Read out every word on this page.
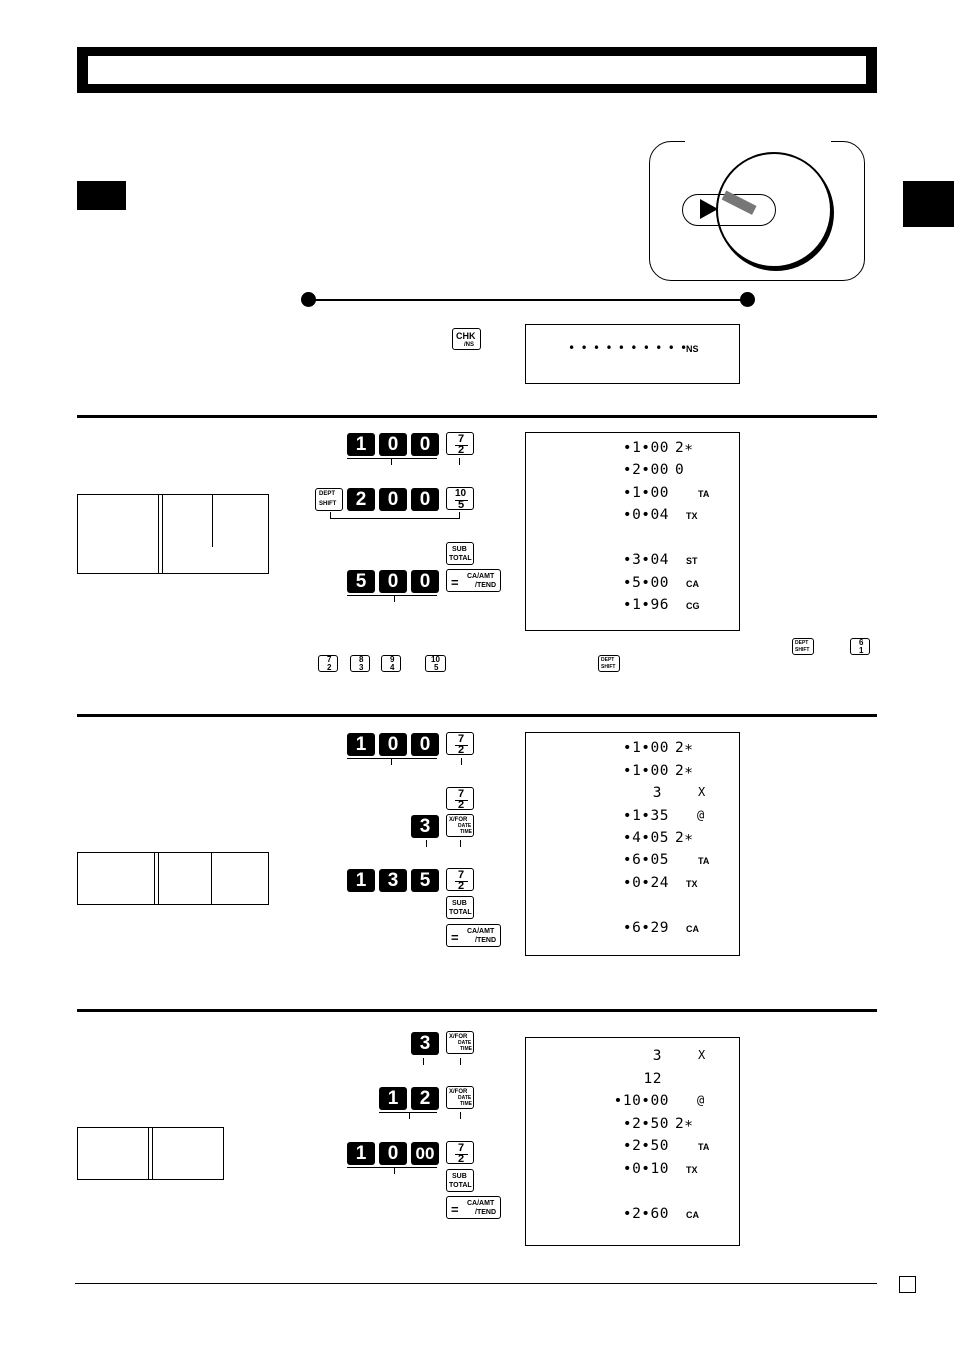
CHK
/NS	• • • • • • • • • • NS
1	0	0	7
2
DEPT
SHIFT	2	0	0	10
5
SUB
TOTAL
5	0	0	= CA/AMT
/TEND
•1•00 2∗
•2•00 0
•1•00	TA
•0•04 TX
•3•04 ST
•5•00 CA
•1•96 CG
DEPT
SHIFT
6
1
7
2
8
3
9
4
10
5
DEPT
SHIFT
1	0	0	7
2
7
2
3	X/FOR
DATE
TIME
1	3	5	7
2
SUB
TOTAL
= CA/AMT
/TEND
•1•00 2∗
•1•00 2∗
3	X
•1•35 @
•4•05 2∗
•6•05	TA
•0•24 TX
•6•29 CA
3	X/FOR
DATE
TIME
1	2	X/FOR
DATE
TIME
1	0	00	7
2
SUB
TOTAL
= CA/AMT
/TEND
3	X
12
•10•00 @
•2•50 2∗
•2•50	TA
•0•10 TX
•2•60 CA
